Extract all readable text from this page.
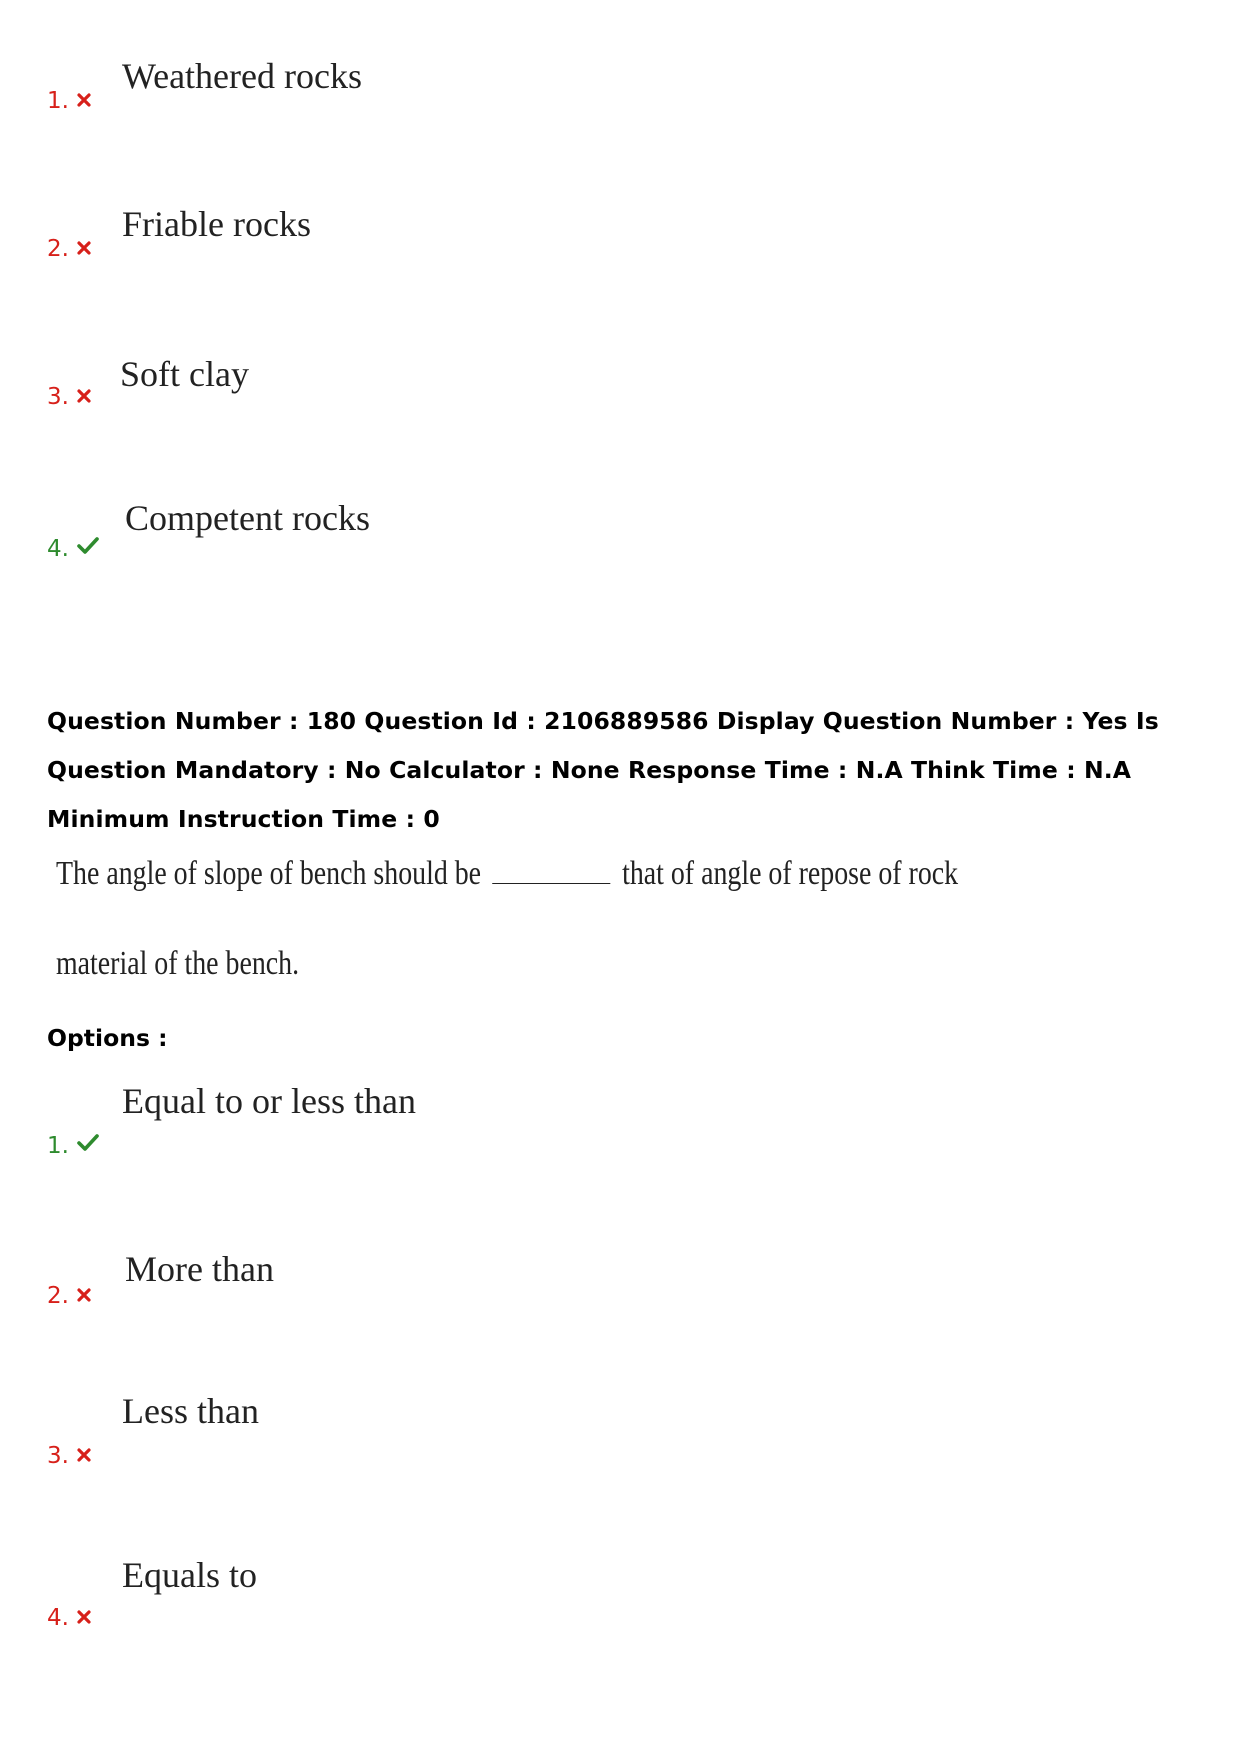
Weathered rocks
1.
Friable rocks
2.
Soft clay
3.
Competent rocks
4.
Question Number : 180 Question Id : 2106889586 Display Question Number : Yes Is Question Mandatory : No Calculator : None Response Time : N.A Think Time : N.A Minimum Instruction Time : 0
The angle of slope of bench should be	that of angle of repose of rock
material of the bench.
Options :
Equal to or less than
1.
More than
2.
Less than
3.
Equals to
4.
